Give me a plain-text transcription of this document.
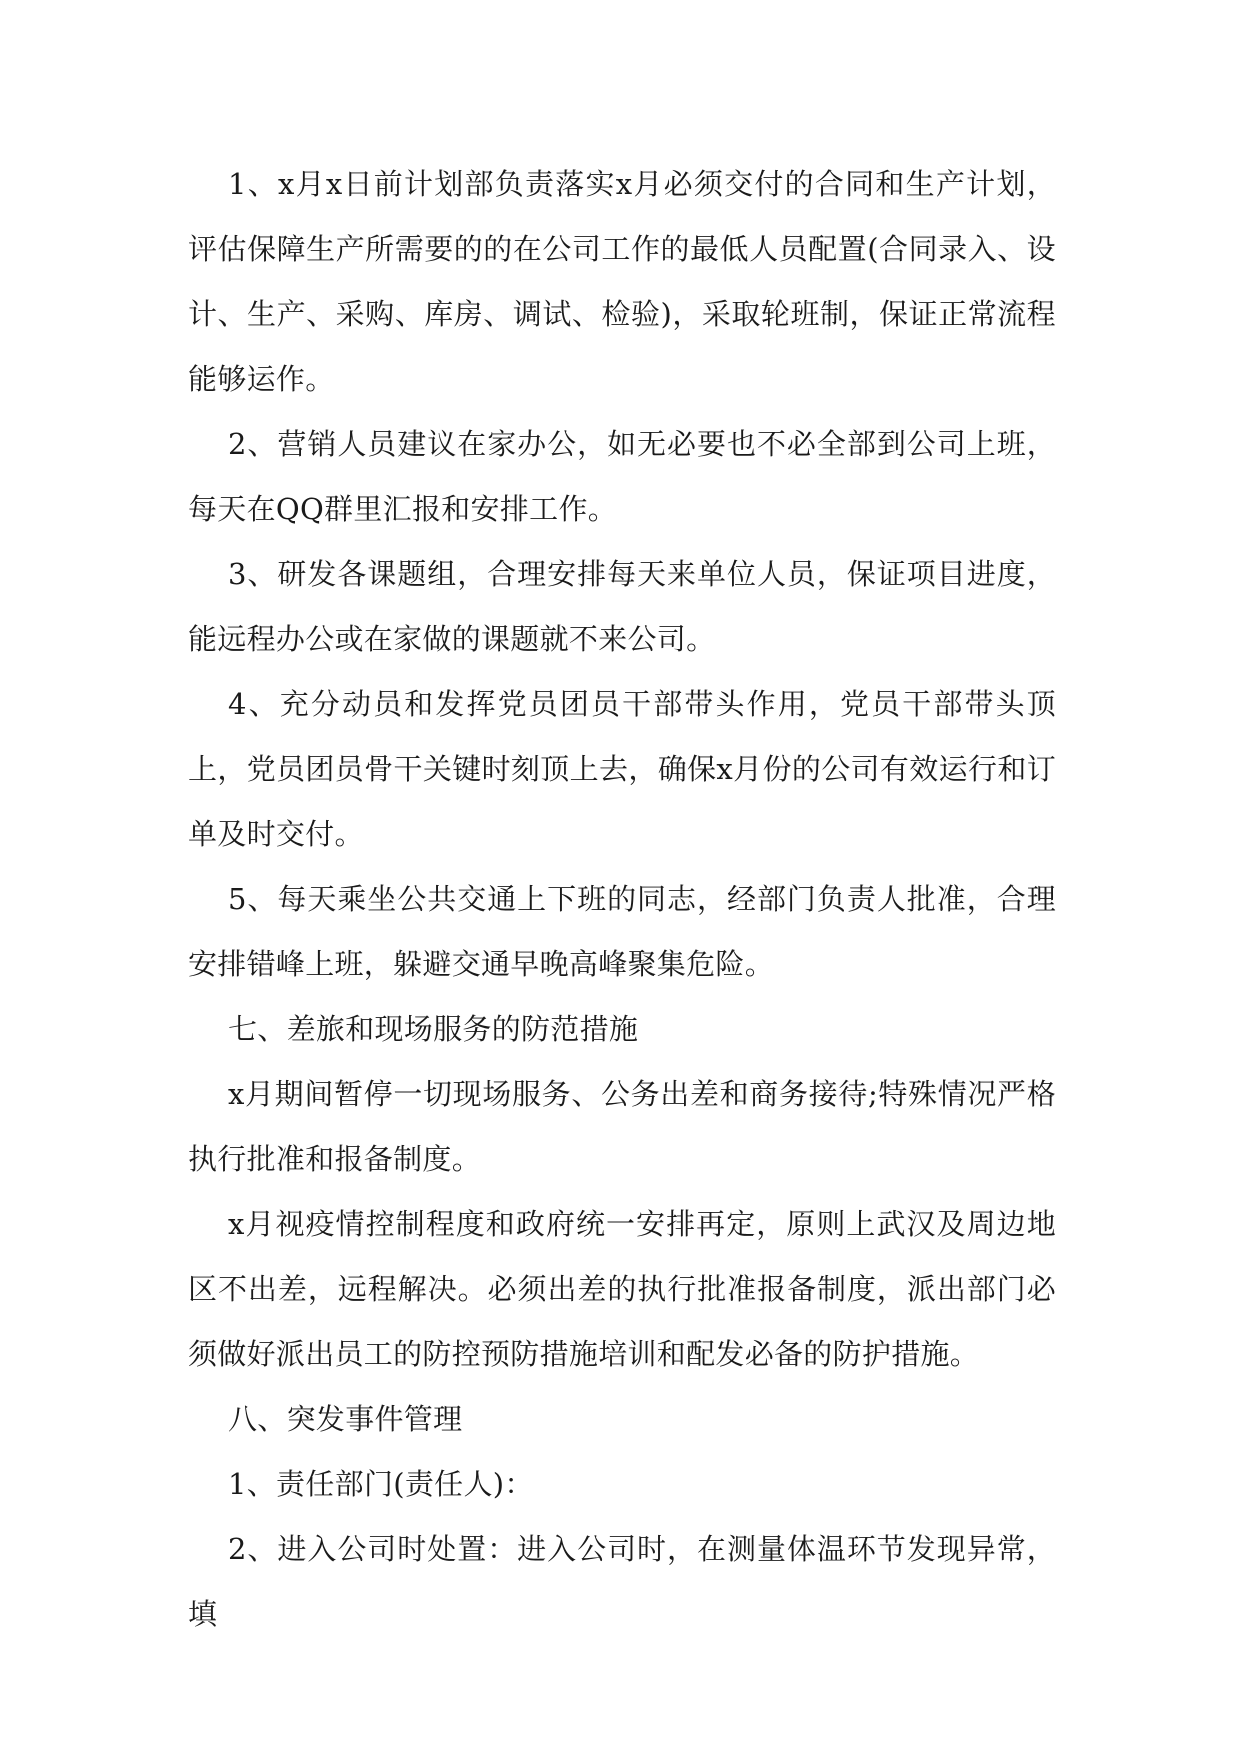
1、x月x日前计划部负责落实x月必须交付的合同和生产计划，评估保障生产所需要的的在公司工作的最低人员配置(合同录入、设计、生产、采购、库房、调试、检验)，采取轮班制，保证正常流程能够运作。

2、营销人员建议在家办公，如无必要也不必全部到公司上班，每天在QQ群里汇报和安排工作。

3、研发各课题组，合理安排每天来单位人员，保证项目进度，能远程办公或在家做的课题就不来公司。

4、充分动员和发挥党员团员干部带头作用，党员干部带头顶上，党员团员骨干关键时刻顶上去，确保x月份的公司有效运行和订单及时交付。

5、每天乘坐公共交通上下班的同志，经部门负责人批准，合理安排错峰上班，躲避交通早晚高峰聚集危险。

七、差旅和现场服务的防范措施

x月期间暂停一切现场服务、公务出差和商务接待;特殊情况严格执行批准和报备制度。

x月视疫情控制程度和政府统一安排再定，原则上武汉及周边地区不出差，远程解决。必须出差的执行批准报备制度，派出部门必须做好派出员工的防控预防措施培训和配发必备的防护措施。

八、突发事件管理

1、责任部门(责任人)：

2、进入公司时处置：进入公司时，在测量体温环节发现异常，填
